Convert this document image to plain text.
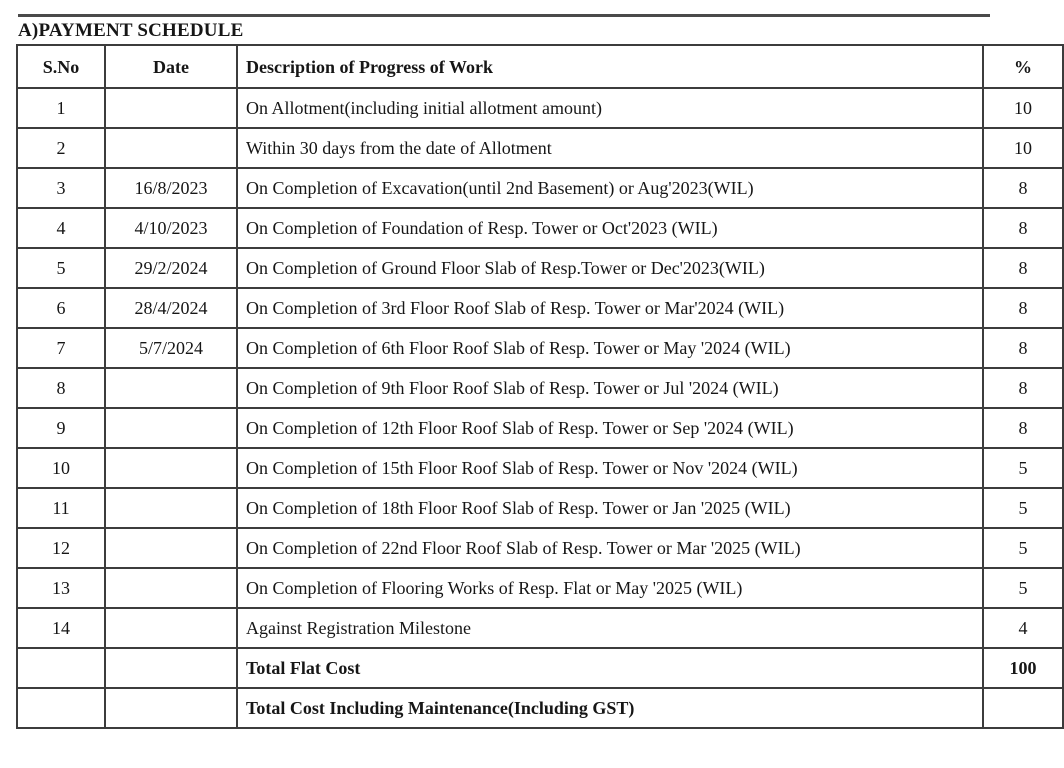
A)PAYMENT SCHEDULE
S.No	Date	Description of Progress of Work	%
1		On Allotment(including initial allotment amount)	10
2		Within 30 days from the date of Allotment	10
3	16/8/2023	On Completion of Excavation(until 2nd Basement) or Aug'2023(WIL)	8
4	4/10/2023	On Completion of Foundation of Resp. Tower or Oct'2023 (WIL)	8
5	29/2/2024	On Completion of Ground Floor Slab of Resp.Tower or Dec'2023(WIL)	8
6	28/4/2024	On Completion of 3rd Floor Roof Slab of Resp. Tower or Mar'2024 (WIL)	8
7	5/7/2024	On Completion of 6th Floor Roof Slab of Resp. Tower or May '2024 (WIL)	8
8		On Completion of 9th Floor Roof Slab of Resp. Tower or Jul '2024 (WIL)	8
9		On Completion of 12th Floor Roof Slab of Resp. Tower or Sep '2024 (WIL)	8
10		On Completion of 15th Floor Roof Slab of Resp. Tower or Nov '2024 (WIL)	5
11		On Completion of 18th Floor Roof Slab of Resp. Tower or Jan '2025 (WIL)	5
12		On Completion of 22nd Floor Roof Slab of Resp. Tower or Mar '2025 (WIL)	5
13		On Completion of Flooring Works of Resp. Flat or May '2025 (WIL)	5
14		Against Registration Milestone	4
		Total Flat Cost	100
		Total Cost Including Maintenance(Including GST)	
